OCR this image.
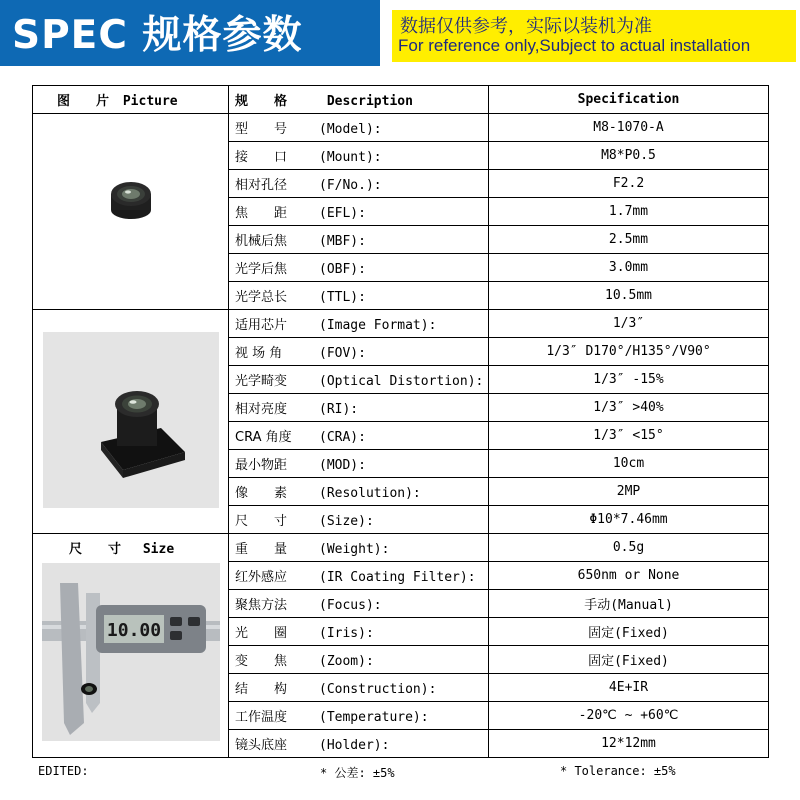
SPEC 规格参数	数据仅供参考，实际以装机为准
For reference only,Subject to actual installation
图　　片 Picture	规　　格 Description	Specification
	型　　号 (Model):	M8-1070-A
	接　　口 (Mount):	M8*P0.5
	相对孔径 (F/No.):	F2.2
	焦　　距 (EFL):	1.7mm
	机械后焦 (MBF):	2.5mm
	光学后焦 (OBF):	3.0mm
	光学总长 (TTL):	10.5mm
	适用芯片 (Image Format):	1/3″
	视 场 角 (FOV):	1/3″ D170°/H135°/V90°
	光学畸变 (Optical Distortion):	1/3″ -15%
	相对亮度 (RI):	1/3″ >40%
	CRA 角度 (CRA):	1/3″ <15°
	最小物距 (MOD):	10cm
	像　　素 (Resolution):	2MP
	尺　　寸 (Size):	Φ10*7.46mm

尺　　寸 Size
10.00	重　　量 (Weight):	0.5g
	红外感应 (IR Coating Filter):	650nm or None
	聚焦方法 (Focus):	手动(Manual)
	光　　圈 (Iris):	固定(Fixed)
	变　　焦 (Zoom):	固定(Fixed)
	结　　构 (Construction):	4E+IR
	工作温度 (Temperature):	-20℃ ~ +60℃
	镜头底座 (Holder):	12*12mm
EDITED:	* 公差: ±5%	* Tolerance: ±5%
